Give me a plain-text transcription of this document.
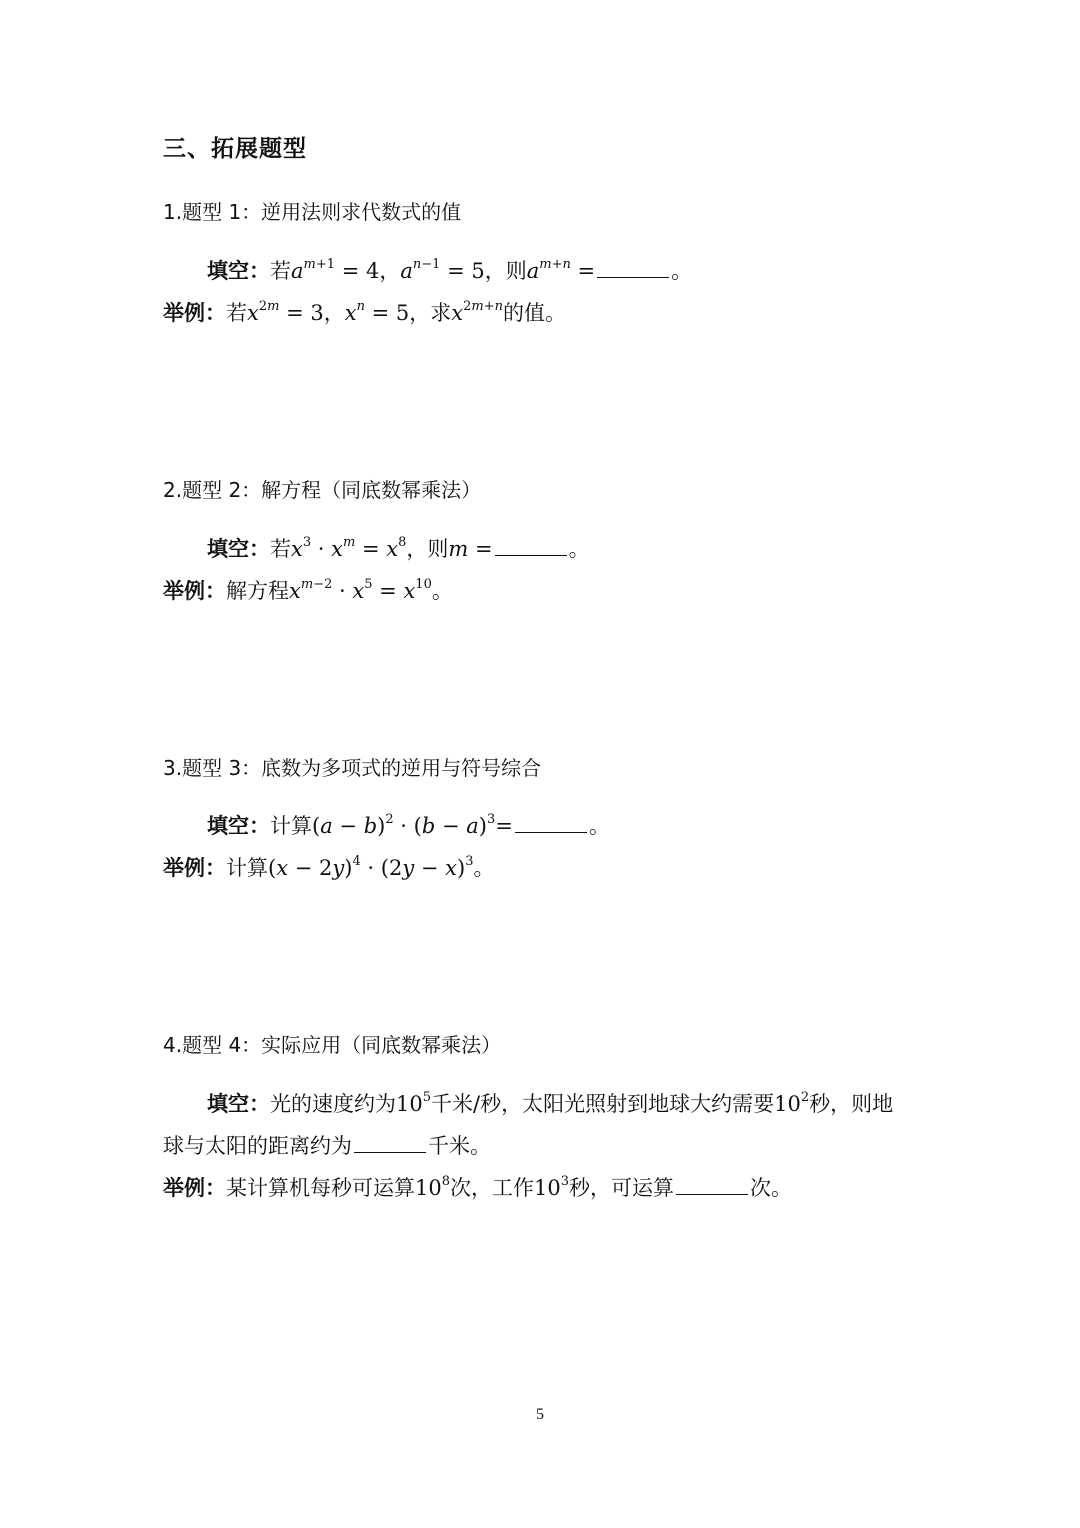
三、拓展题型
1.题型 1：逆用法则求代数式的值
填空：若$a^{m+1} = 4$，$a^{n-1} = 5$，则$a^{m+n}$ =	。
举例：若$x^{2m} = 3$，$x^n = 5$，求$x^{2m+n}$的值。
2.题型 2：解方程（同底数幂乘法）
填空：若$x^3 \cdot x^m = x^8$，则m =	。
举例：解方程$x^{m-2} \cdot x^5 = x^{10}$。
3.题型 3：底数为多项式的逆用与符号综合
填空：计算$(a - b)^2 \cdot (b - a)^3=$	。
举例：计算$(x - 2y)^4 \cdot (2y - x)^3$。
4.题型 4：实际应用（同底数幂乘法）
填空：光的速度约为$10^5$千米/秒，太阳光照射到地球大约需要$10^2$秒，则地
球与太阳的距离约为	千米。
举例：某计算机每秒可运算$10^8$次，工作$10^3$秒，可运算	次。
5
